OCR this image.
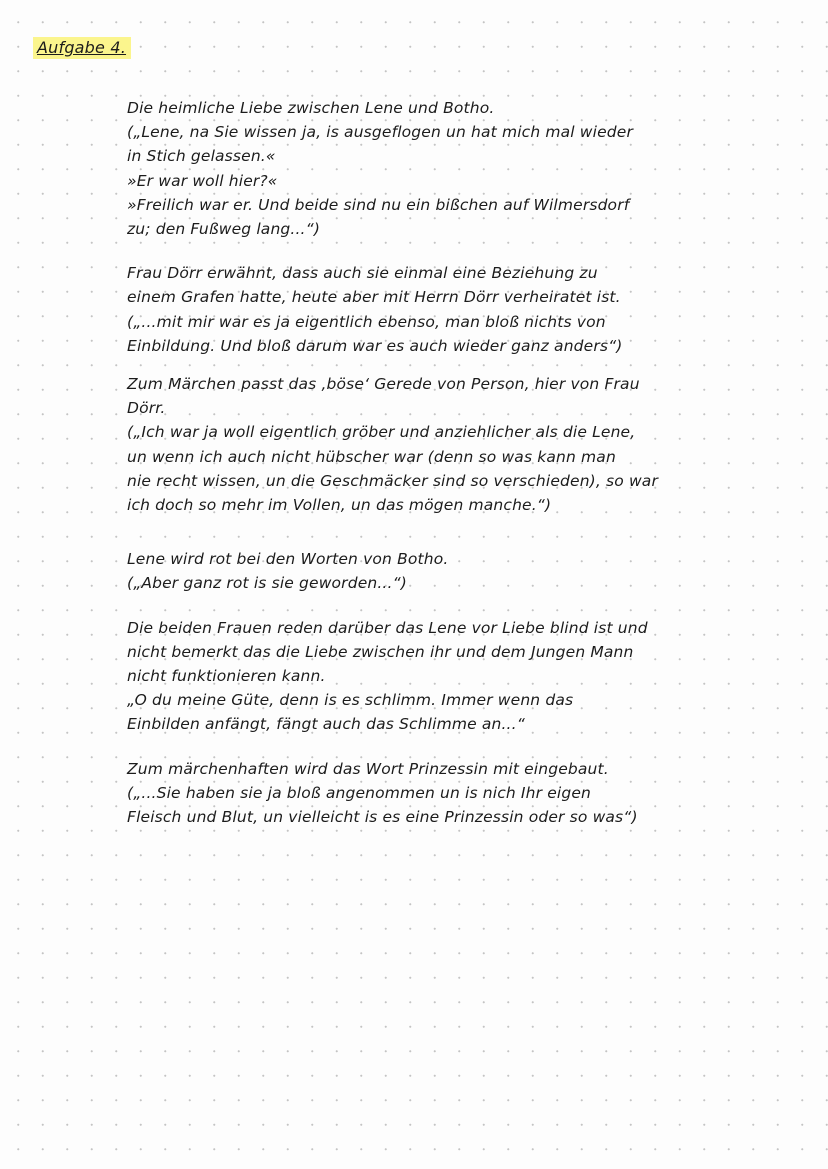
Aufgabe 4.
Die heimliche Liebe zwischen Lene und Botho.
(„Lene, na Sie wissen ja, is ausgeflogen un hat mich mal wieder
in Stich gelassen.«
»Er war woll hier?«
»Freilich war er. Und beide sind nu ein bißchen auf Wilmersdorf
zu; den Fußweg lang...“)
Frau Dörr erwähnt, dass auch sie einmal eine Beziehung zu
einem Grafen hatte, heute aber mit Herrn Dörr verheiratet ist.
(„...mit mir war es ja eigentlich ebenso, man bloß nichts von
Einbildung. Und bloß darum war es auch wieder ganz anders“)
Zum Märchen passt das ‚böse‘ Gerede von Person, hier von Frau
Dörr.
(„Ich war ja woll eigentlich gröber und anziehlicher als die Lene,
un wenn ich auch nicht hübscher war (denn so was kann man
nie recht wissen, un die Geschmäcker sind so verschieden), so war
ich doch so mehr im Vollen, un das mögen manche.“)
Lene wird rot bei den Worten von Botho.
(„Aber ganz rot is sie geworden...“)
Die beiden Frauen reden darüber das Lene vor Liebe blind ist und
nicht bemerkt das die Liebe zwischen ihr und dem Jungen Mann
nicht funktionieren kann.
„O du meine Güte, denn is es schlimm. Immer wenn das
Einbilden anfängt, fängt auch das Schlimme an...“
Zum märchenhaften wird das Wort Prinzessin mit eingebaut.
(„...Sie haben sie ja bloß angenommen un is nich Ihr eigen
Fleisch und Blut, un vielleicht is es eine Prinzessin oder so was“)
